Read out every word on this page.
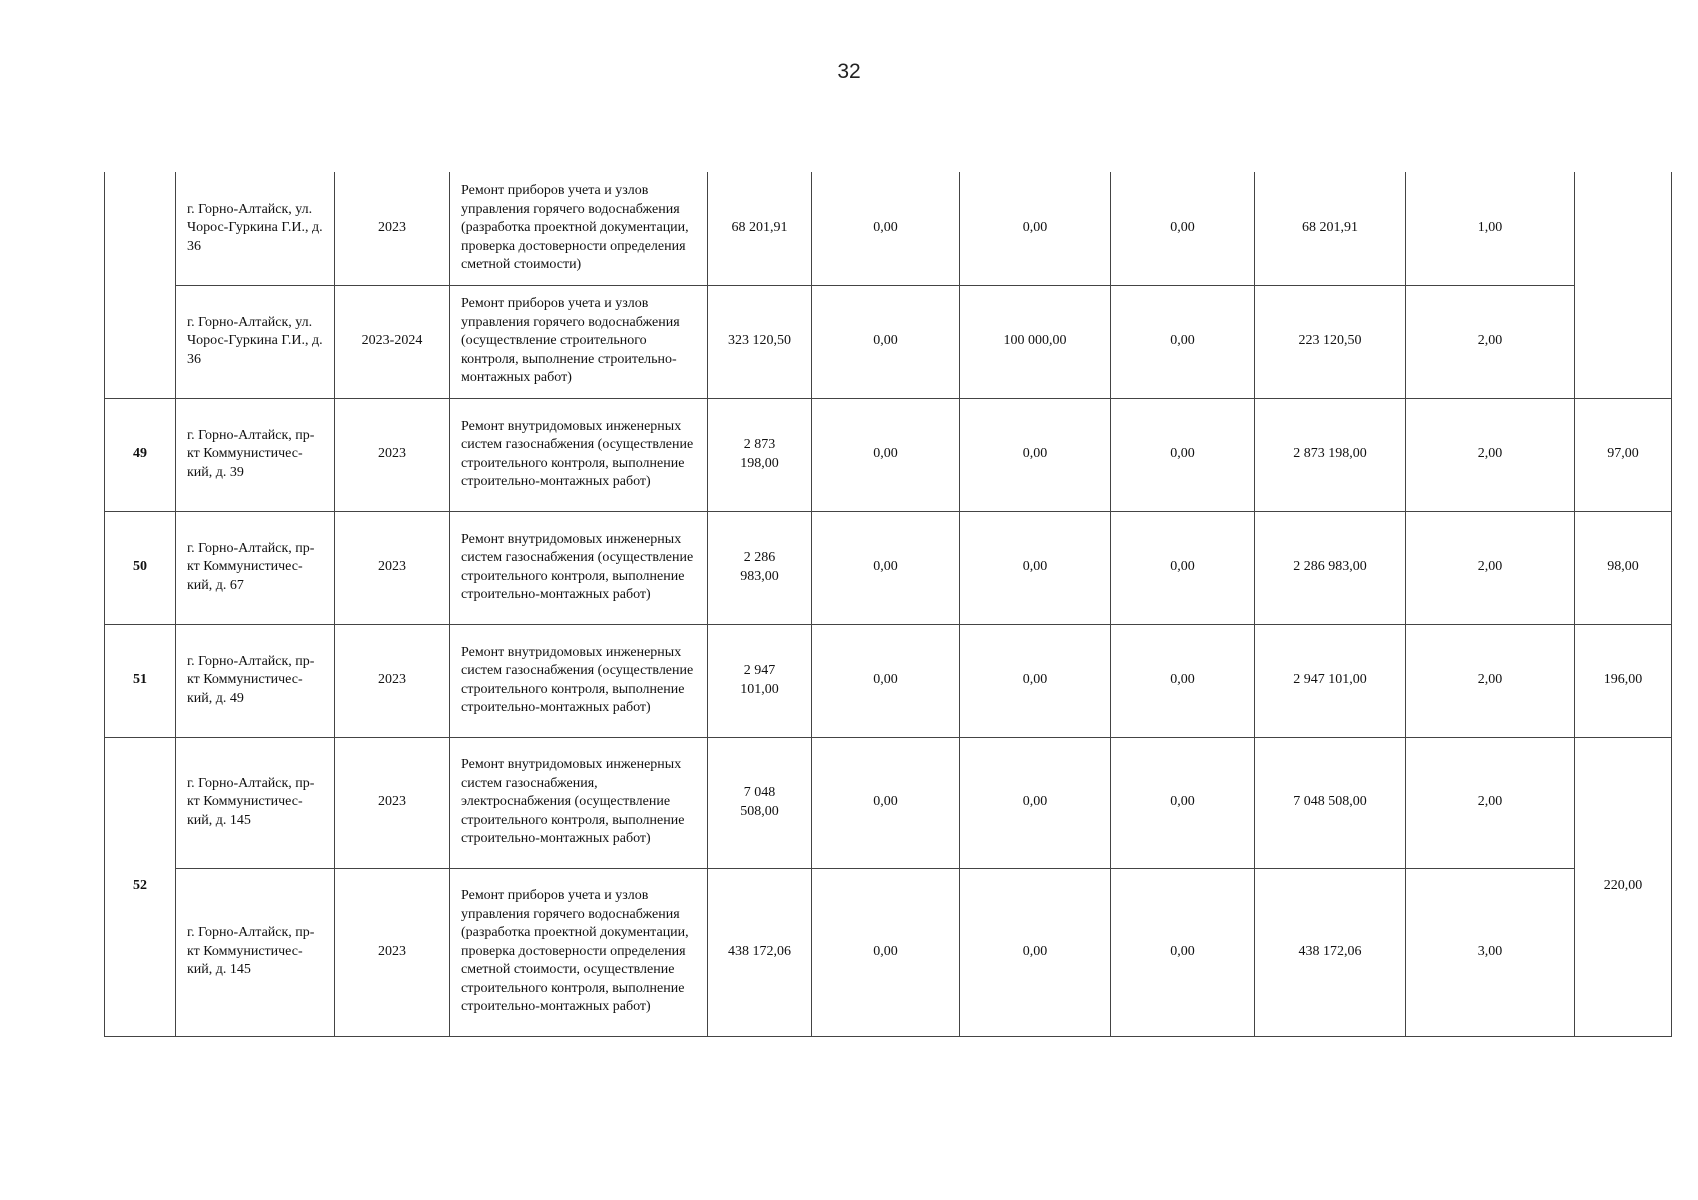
32

	г. Горно-Алтайск, ул. Чорос-Гуркина Г.И., д. 36	2023	Ремонт приборов учета и узлов управления горячего водоснабжения (разработка проектной документации, проверка достоверности определения сметной стоимости)	68 201,91	0,00	0,00	0,00	68 201,91	1,00	

	г. Горно-Алтайск, ул. Чорос-Гуркина Г.И., д. 36	2023-2024	Ремонт приборов учета и узлов управления горячего водоснабжения (осуществление строительного контроля, выполнение строительно-монтажных работ)	323 120,50	0,00	100 000,00	0,00	223 120,50	2,00	
49	г. Горно-Алтайск, пр-кт Коммунистичес-кий, д. 39	2023	Ремонт внутридомовых инженерных систем газоснабжения (осуществление строительного контроля, выполнение строительно-монтажных работ)	2 873 198,00	0,00	0,00	0,00	2 873 198,00	2,00	97,00
50	г. Горно-Алтайск, пр-кт Коммунистичес-кий, д. 67	2023	Ремонт внутридомовых инженерных систем газоснабжения (осуществление строительного контроля, выполнение строительно-монтажных работ)	2 286 983,00	0,00	0,00	0,00	2 286 983,00	2,00	98,00
51	г. Горно-Алтайск, пр-кт Коммунистичес-кий, д. 49	2023	Ремонт внутридомовых инженерных систем газоснабжения (осуществление строительного контроля, выполнение строительно-монтажных работ)	2 947 101,00	0,00	0,00	0,00	2 947 101,00	2,00	196,00
52	г. Горно-Алтайск, пр-кт Коммунистичес-кий, д. 145	2023	Ремонт внутридомовых инженерных систем газоснабжения, электроснабжения (осуществление строительного контроля, выполнение строительно-монтажных работ)	7 048 508,00	0,00	0,00	0,00	7 048 508,00	2,00	220,00

	г. Горно-Алтайск, пр-кт Коммунистичес-кий, д. 145	2023	Ремонт приборов учета и узлов управления горячего водоснабжения (разработка проектной документации, проверка достоверности определения сметной стоимости, осуществление строительного контроля, выполнение строительно-монтажных работ)	438 172,06	0,00	0,00	0,00	438 172,06	3,00	
